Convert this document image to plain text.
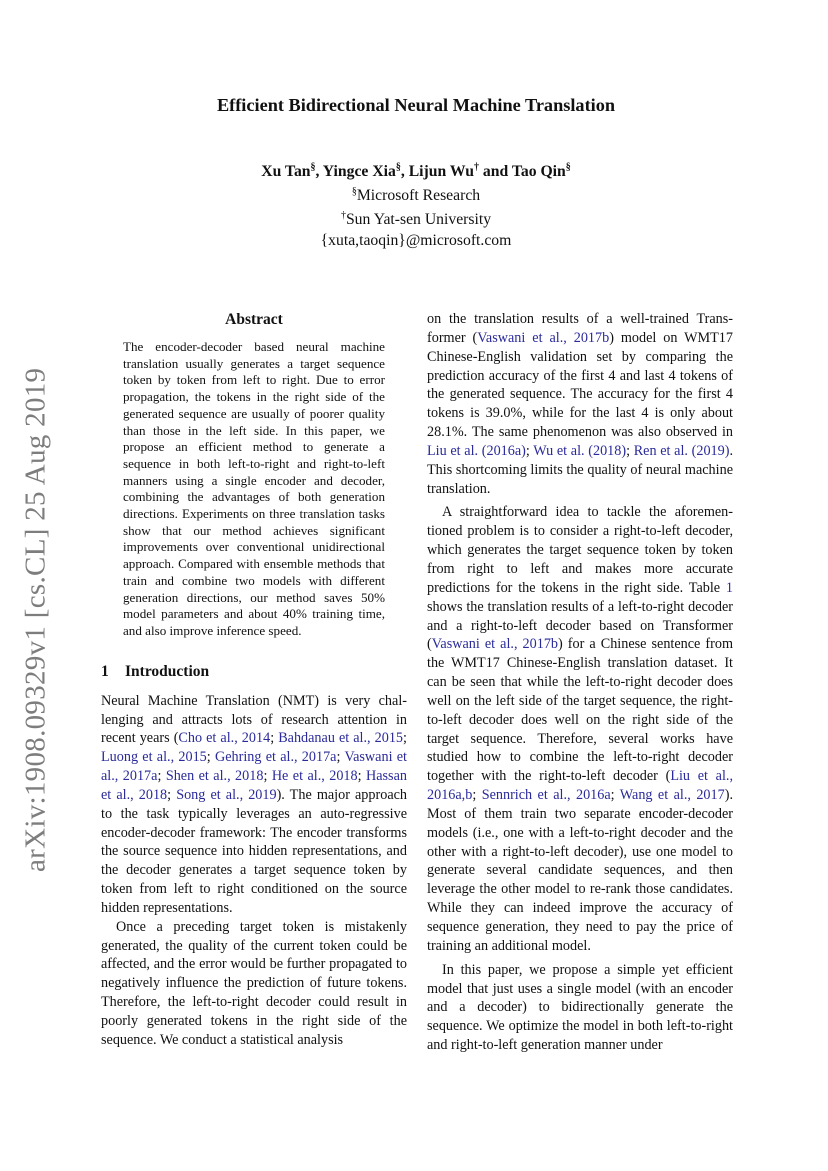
arXiv:1908.09329v1 [cs.CL] 25 Aug 2019
Efficient Bidirectional Neural Machine Translation
Xu Tan§, Yingce Xia§, Lijun Wu† and Tao Qin§
§Microsoft Research
†Sun Yat-sen University
{xuta,taoqin}@microsoft.com
Abstract
The encoder-decoder based neural machine translation usually generates a target sequence token by token from left to right. Due to error propagation, the tokens in the right side of the generated sequence are usually of poorer quality than those in the left side. In this paper, we propose an efficient method to generate a sequence in both left-to-right and right-to-left manners using a single encoder and decoder, combining the advantages of both generation directions. Experiments on three translation tasks show that our method achieves significant improvements over conventional unidirectional approach. Compared with ensemble methods that train and combine two models with different generation directions, our method saves 50% model parameters and about 40% training time, and also improve inference speed.
1 Introduction

Neural Machine Translation (NMT) is very challenging and attracts lots of research attention in recent years (Cho et al., 2014; Bahdanau et al., 2015; Luong et al., 2015; Gehring et al., 2017a; Vaswani et al., 2017a; Shen et al., 2018; He et al., 2018; Hassan et al., 2018; Song et al., 2019). The major approach to the task typically leverages an auto-regressive encoder-decoder framework: The encoder transforms the source sequence into hidden representations, and the decoder generates a target sequence token by token from left to right conditioned on the source hidden representations.

Once a preceding target token is mistakenly generated, the quality of the current token could be affected, and the error would be further propagated to negatively influence the prediction of future tokens. Therefore, the left-to-right decoder could result in poorly generated tokens in the right side of the sequence. We conduct a statistical analysis

on the translation results of a well-trained Transformer (Vaswani et al., 2017b) model on WMT17 Chinese-English validation set by comparing the prediction accuracy of the first 4 and last 4 tokens of the generated sequence. The accuracy for the first 4 tokens is 39.0%, while for the last 4 is only about 28.1%. The same phenomenon was also observed in Liu et al. (2016a); Wu et al. (2018); Ren et al. (2019). This shortcoming limits the quality of neural machine translation.

A straightforward idea to tackle the aforementioned problem is to consider a right-to-left decoder, which generates the target sequence token by token from right to left and makes more accurate predictions for the tokens in the right side. Table 1 shows the translation results of a left-to-right decoder and a right-to-left decoder based on Transformer (Vaswani et al., 2017b) for a Chinese sentence from the WMT17 Chinese-English translation dataset. It can be seen that while the left-to-right decoder does well on the left side of the target sequence, the right-to-left decoder does well on the right side of the target sequence. Therefore, several works have studied how to combine the left-to-right decoder together with the right-to-left decoder (Liu et al., 2016a,b; Sennrich et al., 2016a; Wang et al., 2017). Most of them train two separate encoder-decoder models (i.e., one with a left-to-right decoder and the other with a right-to-left decoder), use one model to generate several candidate sequences, and then leverage the other model to re-rank those candidates. While they can indeed improve the accuracy of sequence generation, they need to pay the price of training an additional model.

In this paper, we propose a simple yet efficient model that just uses a single model (with an encoder and a decoder) to bidirectionally generate the sequence. We optimize the model in both left-to-right and right-to-left generation manner under
